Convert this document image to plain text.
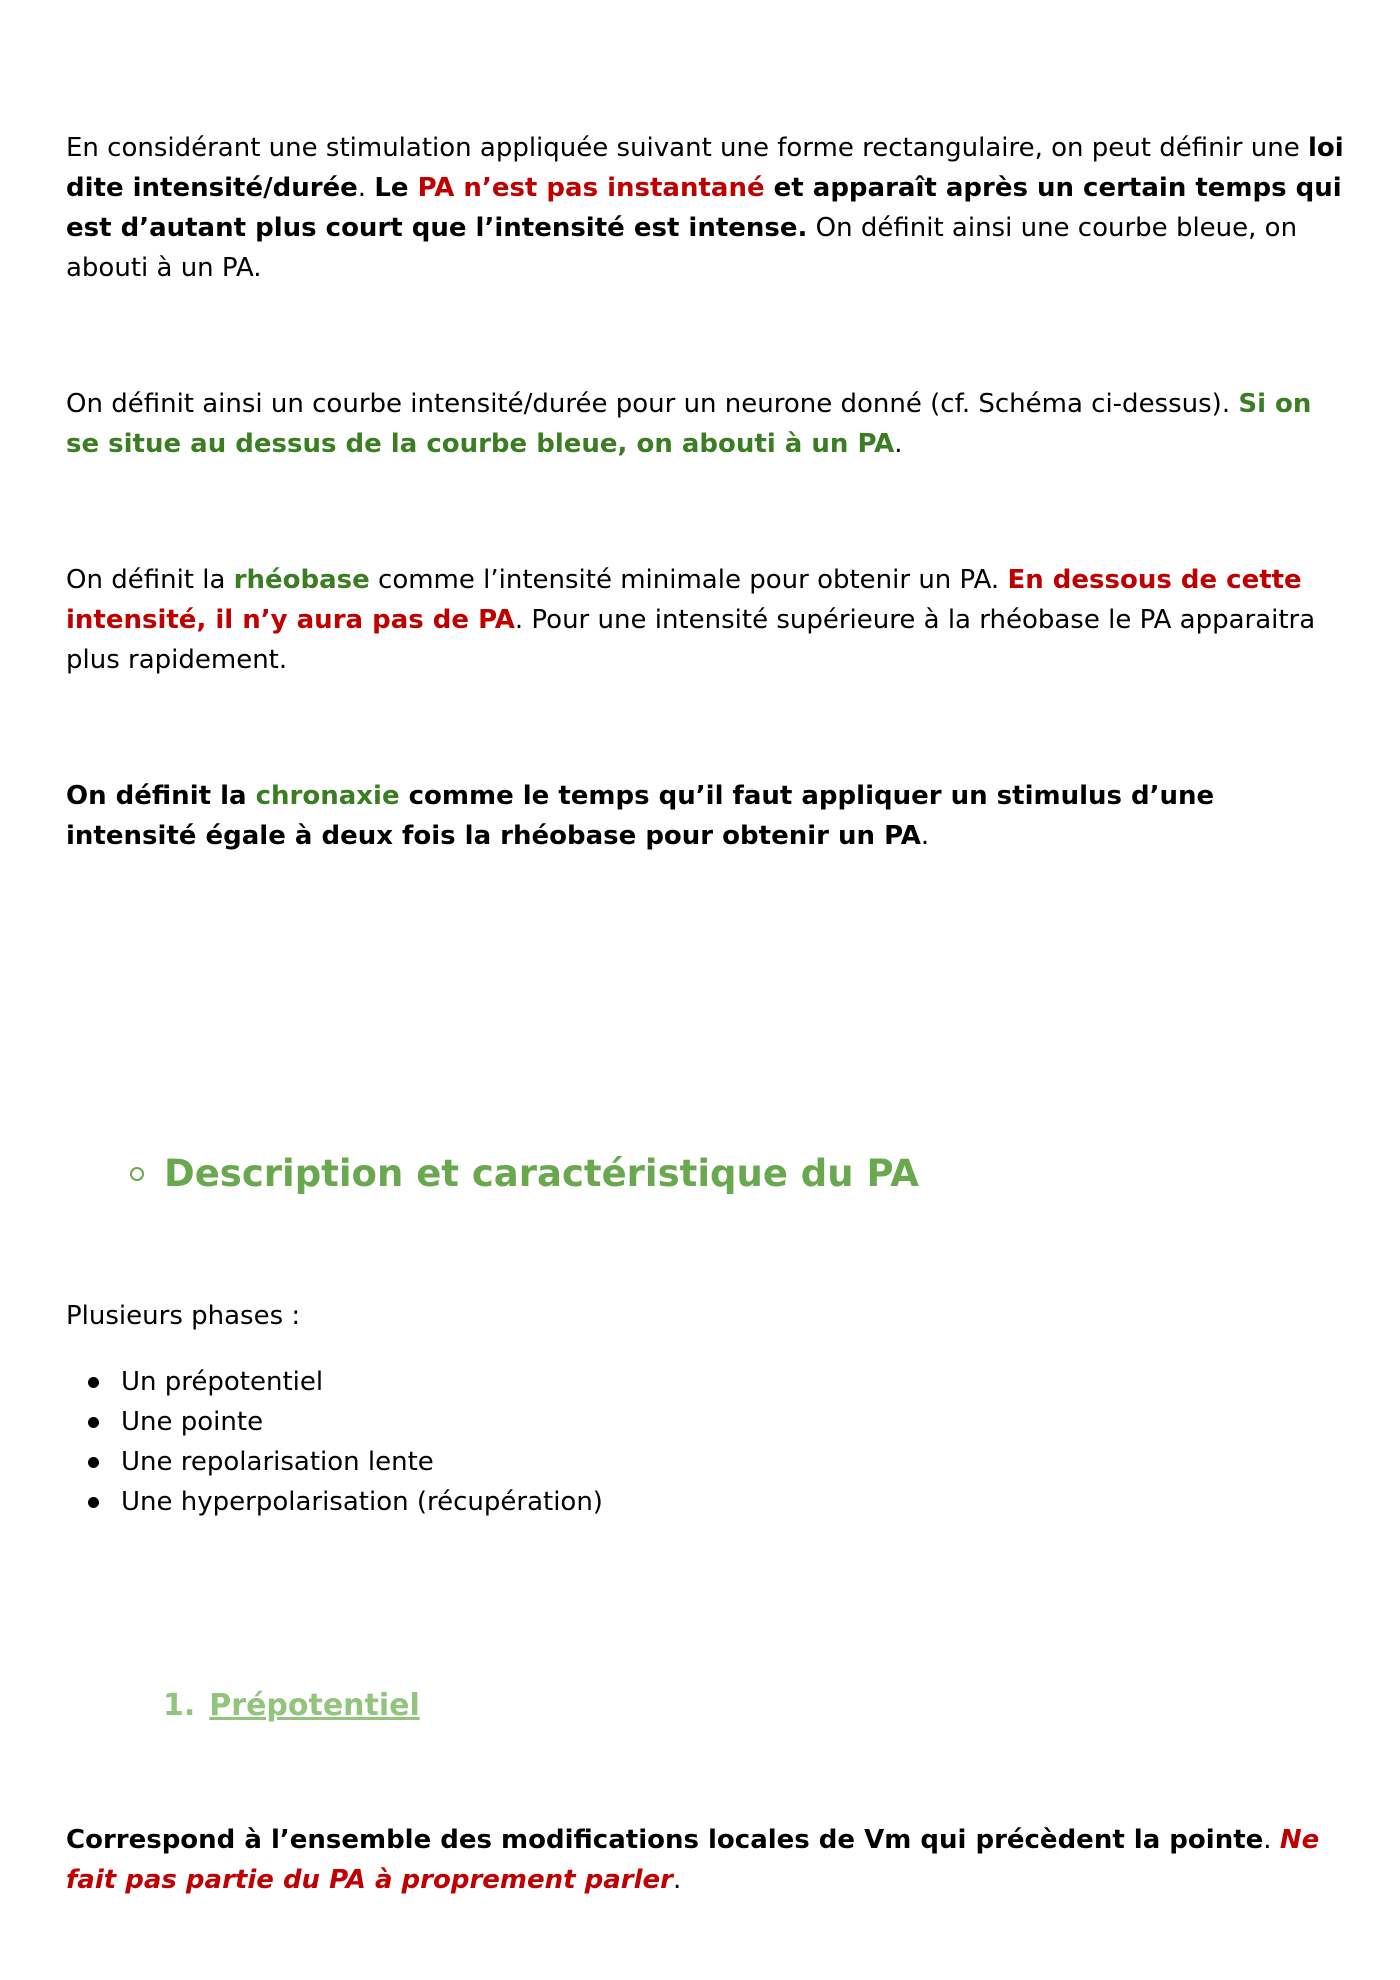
En considérant une stimulation appliquée suivant une forme rectangulaire, on peut définir une loi dite intensité/durée. Le PA n’est pas instantané et apparaît après un certain temps qui est d’autant plus court que l’intensité est intense. On définit ainsi une courbe bleue, on abouti à un PA.

On définit ainsi un courbe intensité/durée pour un neurone donné (cf. Schéma ci-dessus). Si on se situe au dessus de la courbe bleue, on abouti à un PA.

On définit la rhéobase comme l’intensité minimale pour obtenir un PA. En dessous de cette intensité, il n’y aura pas de PA. Pour une intensité supérieure à la rhéobase le PA apparaitra plus rapidement.

On définit la chronaxie comme le temps qu’il faut appliquer un stimulus d’une intensité égale à deux fois la rhéobase pour obtenir un PA.

Description et caractéristique du PA

Plusieurs phases :

Un prépotentiel
Une pointe
Une repolarisation lente
Une hyperpolarisation (récupération)
1. Prépotentiel

Correspond à l’ensemble des modifications locales de Vm qui précèdent la pointe. Ne fait pas partie du PA à proprement parler.
